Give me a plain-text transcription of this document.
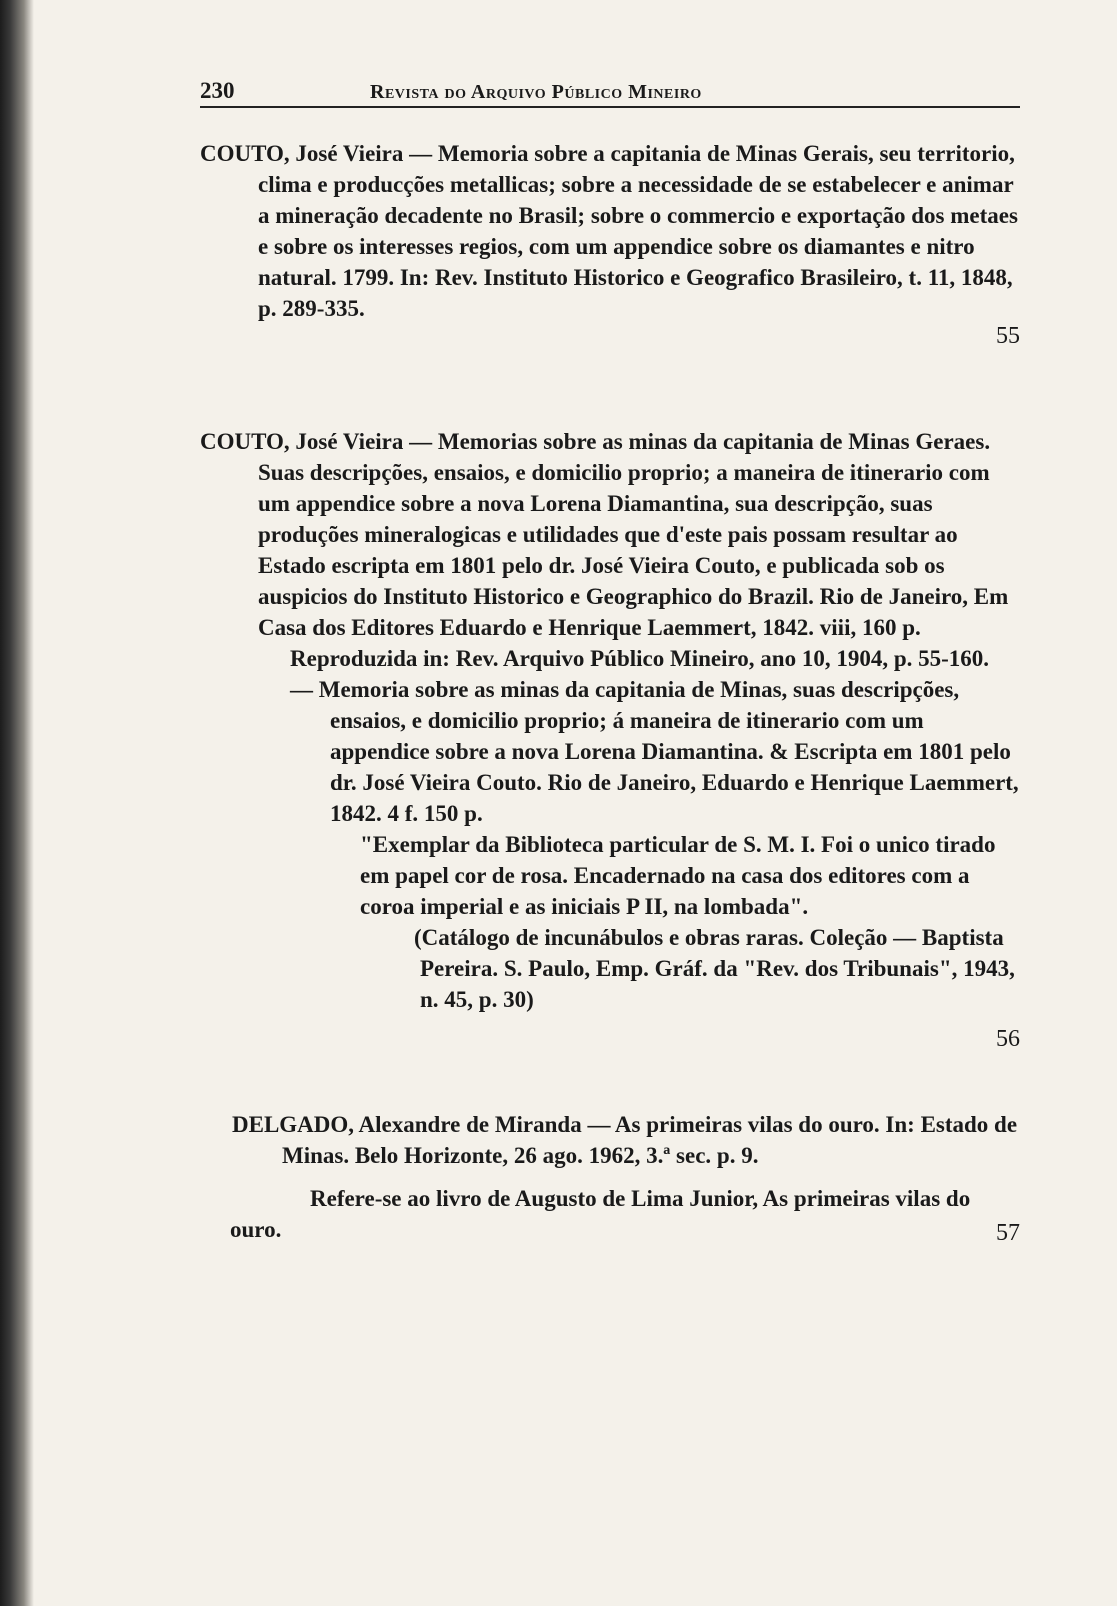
230	Revista do Arquivo Público Mineiro

COUTO, José Vieira — Memoria sobre a capitania de Minas Gerais, seu territorio, clima e producções metallicas; sobre a necessidade de se estabelecer e animar a mineração decadente no Brasil; sobre o commercio e exportação dos metaes e sobre os interesses regios, com um appendice sobre os diamantes e nitro natural. 1799. In: Rev. Instituto Historico e Geografico Brasileiro, t. 11, 1848, p. 289-335.

55

COUTO, José Vieira — Memorias sobre as minas da capitania de Minas Geraes. Suas descripções, ensaios, e domicilio proprio; a maneira de itinerario com um appendice sobre a nova Lorena Diamantina, sua descripção, suas produções mineralogicas e utilidades que d'este pais possam resultar ao Estado escripta em 1801 pelo dr. José Vieira Couto, e publicada sob os auspicios do Instituto Historico e Geographico do Brazil. Rio de Janeiro, Em Casa dos Editores Eduardo e Henrique Laemmert, 1842. viii, 160 p.

Reproduzida in: Rev. Arquivo Público Mineiro, ano 10, 1904, p. 55-160.

— Memoria sobre as minas da capitania de Minas, suas descripções, ensaios, e domicilio proprio; á maneira de itinerario com um appendice sobre a nova Lorena Diamantina. & Escripta em 1801 pelo dr. José Vieira Couto. Rio de Janeiro, Eduardo e Henrique Laemmert, 1842. 4 f. 150 p.

"Exemplar da Biblioteca particular de S. M. I. Foi o unico tirado em papel cor de rosa. Encadernado na casa dos editores com a coroa imperial e as iniciais P II, na lombada".

(Catálogo de incunábulos e obras raras. Coleção — Baptista Pereira. S. Paulo, Emp. Gráf. da "Rev. dos Tribunais", 1943, n. 45, p. 30)

56

DELGADO, Alexandre de Miranda — As primeiras vilas do ouro. In: Estado de Minas. Belo Horizonte, 26 ago. 1962, 3.ª sec. p. 9.

Refere-se ao livro de Augusto de Lima Junior, As primeiras vilas do ouro.	57
